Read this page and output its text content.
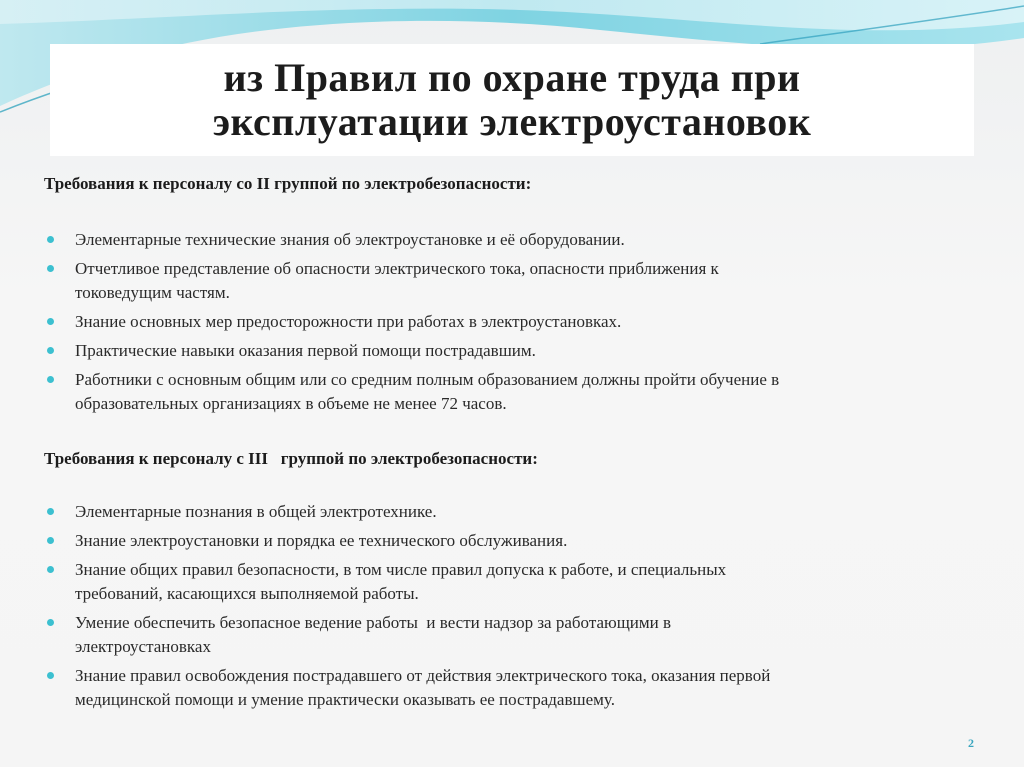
из Правил по охране труда при
эксплуатации электроустановок

Требования к персоналу со II группой по электробезопасности:

Элементарные технические знания об электроустановке и её оборудовании.
Отчетливое представление об опасности электрического тока, опасности приближения к
токоведущим частям.
Знание основных мер предосторожности при работах в электроустановках.
Практические навыки оказания первой помощи пострадавшим.
Работники с основным общим или со средним полным образованием должны пройти обучение в
образовательных организациях в объеме не менее 72 часов.

Требования к персоналу с III   группой по электробезопасности:

Элементарные познания в общей электротехнике.
Знание электроустановки и порядка ее технического обслуживания.
Знание общих правил безопасности, в том числе правил допуска к работе, и специальных
требований, касающихся выполняемой работы.
Умение обеспечить безопасное ведение работы  и вести надзор за работающими в
электроустановках
Знание правил освобождения пострадавшего от действия электрического тока, оказания первой
медицинской помощи и умение практически оказывать ее пострадавшему.
2
